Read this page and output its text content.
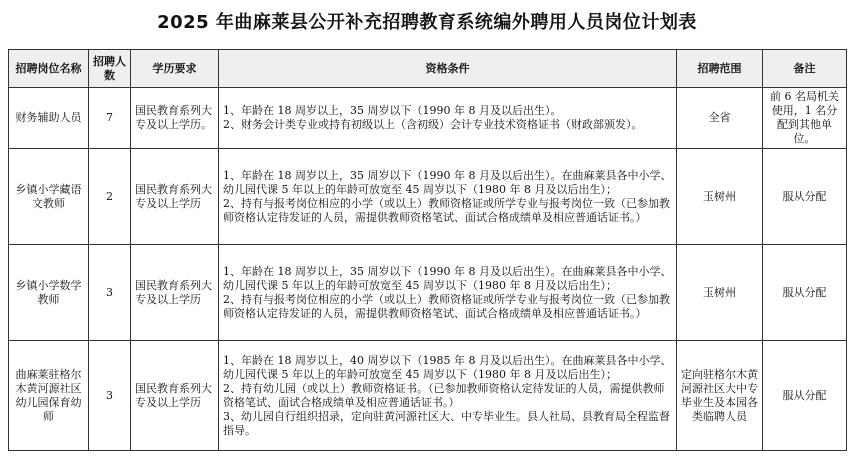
2025 年曲麻莱县公开补充招聘教育系统编外聘用人员岗位计划表
招聘岗位名称	招聘人数	学历要求	资格条件	招聘范围	备注
财务辅助人员	7	国民教育系列大专及以上学历。	1、年龄在 18 周岁以上，35 周岁以下（1990 年 8 月及以后出生）。
2、财务会计类专业或持有初级以上（含初级）会计专业技术资格证书（财政部颁发）。	全省	前 6 名局机关使用，1 名分配到其他单位。
乡镇小学藏语文教师	2	国民教育系列大专及以上学历	1、年龄在 18 周岁以上，35 周岁以下（1990 年 8 月及以后出生）。在曲麻莱县各中小学、幼儿园代课 5 年以上的年龄可放宽至 45 周岁以下（1980 年 8 月及以后出生）；
2、持有与报考岗位相应的小学（或以上）教师资格证或所学专业与报考岗位一致（已参加教师资格认定待发证的人员，需提供教师资格笔试、面试合格成绩单及相应普通话证书。）	玉树州	服从分配
乡镇小学数学教师	3	国民教育系列大专及以上学历	1、年龄在 18 周岁以上，35 周岁以下（1990 年 8 月及以后出生）。在曲麻莱县各中小学、幼儿园代课 5 年以上的年龄可放宽至 45 周岁以下（1980 年 8 月及以后出生）；
2、持有与报考岗位相应的小学（或以上）教师资格证或所学专业与报考岗位一致（已参加教师资格认定待发证的人员，需提供教师资格笔试、面试合格成绩单及相应普通话证书。）	玉树州	服从分配
曲麻莱驻格尔木黄河源社区幼儿园保育幼师	3	国民教育系列大专及以上学历	1、年龄在 18 周岁以上，40 周岁以下（1985 年 8 月及以后出生）。在曲麻莱县各中小学、幼儿园代课 5 年以上的年龄可放宽至 45 周岁以下（1980 年 8 月及以后出生）；
2、持有幼儿园（或以上）教师资格证书。（已参加教师资格认定待发证的人员，需提供教师资格笔试、面试合格成绩单及相应普通话证书。）
3、幼儿园自行组织招录，定向驻黄河源社区大、中专毕业生。县人社局、县教育局全程监督指导。	定向驻格尔木黄河源社区大中专毕业生及本园各类临聘人员	服从分配
